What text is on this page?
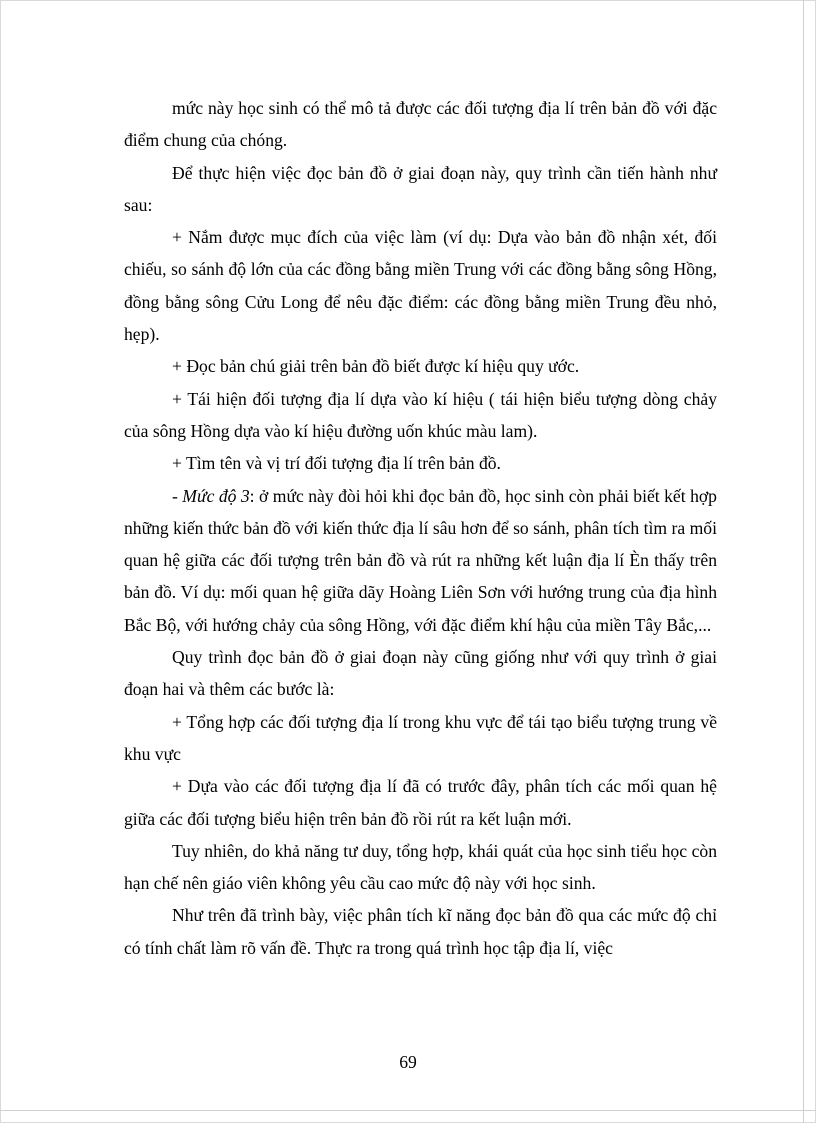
mức này học sinh có thể mô tả được các đối tượng địa lí trên bản đồ với đặc điểm chung của chóng.

Để thực hiện việc đọc bản đồ ở giai đoạn này, quy trình cần tiến hành như sau:

+ Nắm được mục đích của việc làm (ví dụ: Dựa vào bản đồ nhận xét, đối chiếu, so sánh độ lớn của các đồng bằng miền Trung với các đồng bằng sông Hồng, đồng bằng sông Cửu Long để nêu đặc điểm: các đồng bằng miền Trung đều nhỏ, hẹp).

+ Đọc bản chú giải trên bản đồ biết được kí hiệu quy ước.

+ Tái hiện đối tượng địa lí dựa vào kí hiệu ( tái hiện biểu tượng dòng chảy của sông Hồng dựa vào kí hiệu đường uốn khúc màu lam).

+ Tìm tên và vị trí đối tượng địa lí trên bản đồ.

- Mức độ 3: ở mức này đòi hỏi khi đọc bản đồ, học sinh còn phải biết kết hợp những kiến thức bản đồ với kiến thức địa lí sâu hơn để so sánh, phân tích tìm ra mối quan hệ giữa các đối tượng trên bản đồ và rút ra những kết luận địa lí Èn thấy trên bản đồ. Ví dụ: mối quan hệ giữa dãy Hoàng Liên Sơn với hướng trung của địa hình Bắc Bộ, với hướng chảy của sông Hồng, với đặc điểm khí hậu của miền Tây Bắc,...

Quy trình đọc bản đồ ở giai đoạn này cũng giống như với quy trình ở giai đoạn hai và thêm các bước là:

+ Tổng hợp các đối tượng địa lí trong khu vực để tái tạo biểu tượng trung về khu vực

+ Dựa vào các đối tượng địa lí đã có trước đây, phân tích các mối quan hệ giữa các đối tượng biểu hiện trên bản đồ rồi rút ra kết luận mới.

Tuy nhiên, do khả năng tư duy, tổng hợp, khái quát của học sinh tiểu học còn hạn chế nên giáo viên không yêu cầu cao mức độ này với học sinh.

Như trên đã trình bày, việc phân tích kĩ năng đọc bản đồ qua các mức độ chỉ có tính chất làm rõ vấn đề. Thực ra trong quá trình học tập địa lí, việc

69
